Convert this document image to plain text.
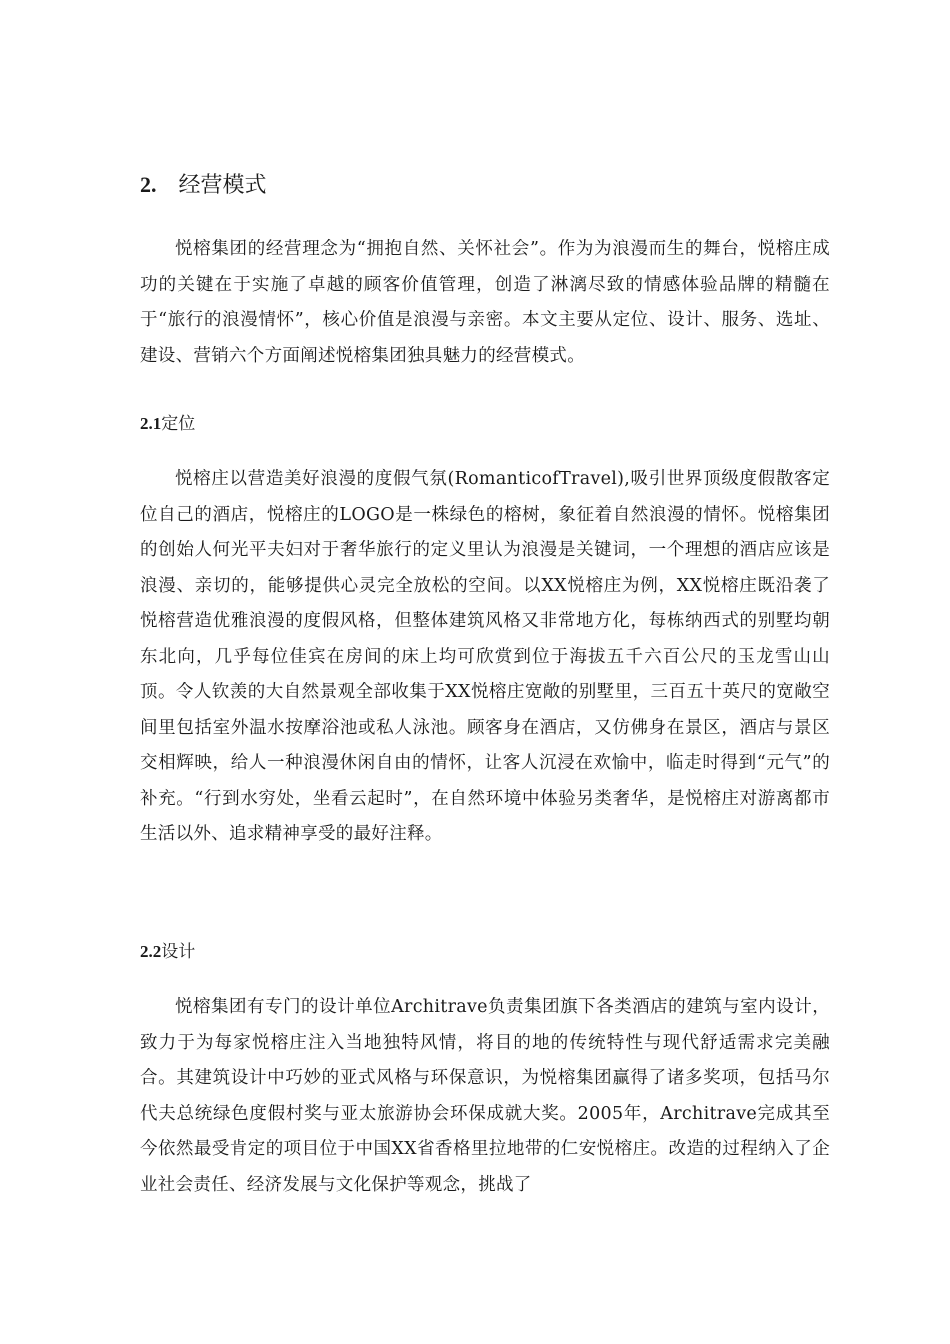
2. 经营模式

悦榕集团的经营理念为“拥抱自然、关怀社会”。作为为浪漫而生的舞台，悦榕庄成功的关键在于实施了卓越的顾客价值管理，创造了淋漓尽致的情感体验品牌的精髓在于“旅行的浪漫情怀”，核心价值是浪漫与亲密。本文主要从定位、设计、服务、选址、建设、营销六个方面阐述悦榕集团独具魅力的经营模式。

2.1定位

悦榕庄以营造美好浪漫的度假气氛(RomanticofTravel),吸引世界顶级度假散客定位自己的酒店，悦榕庄的LOGO是一株绿色的榕树，象征着自然浪漫的情怀。悦榕集团的创始人何光平夫妇对于奢华旅行的定义里认为浪漫是关键词，一个理想的酒店应该是浪漫、亲切的，能够提供心灵完全放松的空间。以XX悦榕庄为例，XX悦榕庄既沿袭了悦榕营造优雅浪漫的度假风格，但整体建筑风格又非常地方化，每栋纳西式的别墅均朝东北向，几乎每位佳宾在房间的床上均可欣赏到位于海拔五千六百公尺的玉龙雪山山顶。令人钦羡的大自然景观全部收集于XX悦榕庄宽敞的别墅里，三百五十英尺的宽敞空间里包括室外温水按摩浴池或私人泳池。顾客身在酒店，又仿佛身在景区，酒店与景区交相辉映，给人一种浪漫休闲自由的情怀，让客人沉浸在欢愉中，临走时得到“元气”的补充。“行到水穷处，坐看云起时”，在自然环境中体验另类奢华，是悦榕庄对游离都市生活以外、追求精神享受的最好注释。

2.2设计

悦榕集团有专门的设计单位Architrave负责集团旗下各类酒店的建筑与室内设计，致力于为每家悦榕庄注入当地独特风情，将目的地的传统特性与现代舒适需求完美融合。其建筑设计中巧妙的亚式风格与环保意识，为悦榕集团赢得了诸多奖项，包括马尔代夫总统绿色度假村奖与亚太旅游协会环保成就大奖。2005年，Architrave完成其至今依然最受肯定的项目位于中国XX省香格里拉地带的仁安悦榕庄。改造的过程纳入了企业社会责任、经济发展与文化保护等观念，挑战了
